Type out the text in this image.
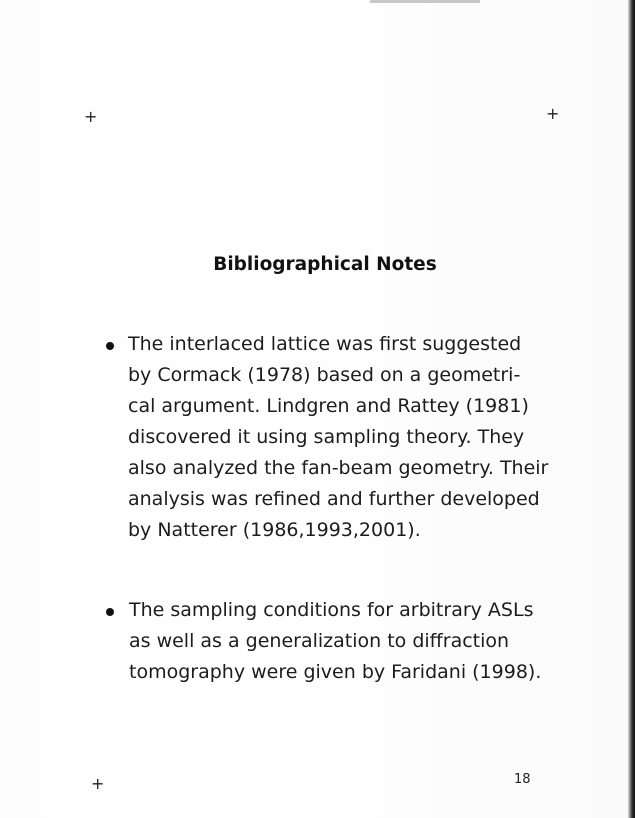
+	+
+
Bibliographical Notes

The interlaced lattice was first suggested
by Cormack (1978) based on a geometri-
cal argument. Lindgren and Rattey (1981)
discovered it using sampling theory. They
also analyzed the fan-beam geometry. Their
analysis was refined and further developed
by Natterer (1986,1993,2001).

The sampling conditions for arbitrary ASLs
as well as a generalization to diffraction
tomography were given by Faridani (1998).

18
